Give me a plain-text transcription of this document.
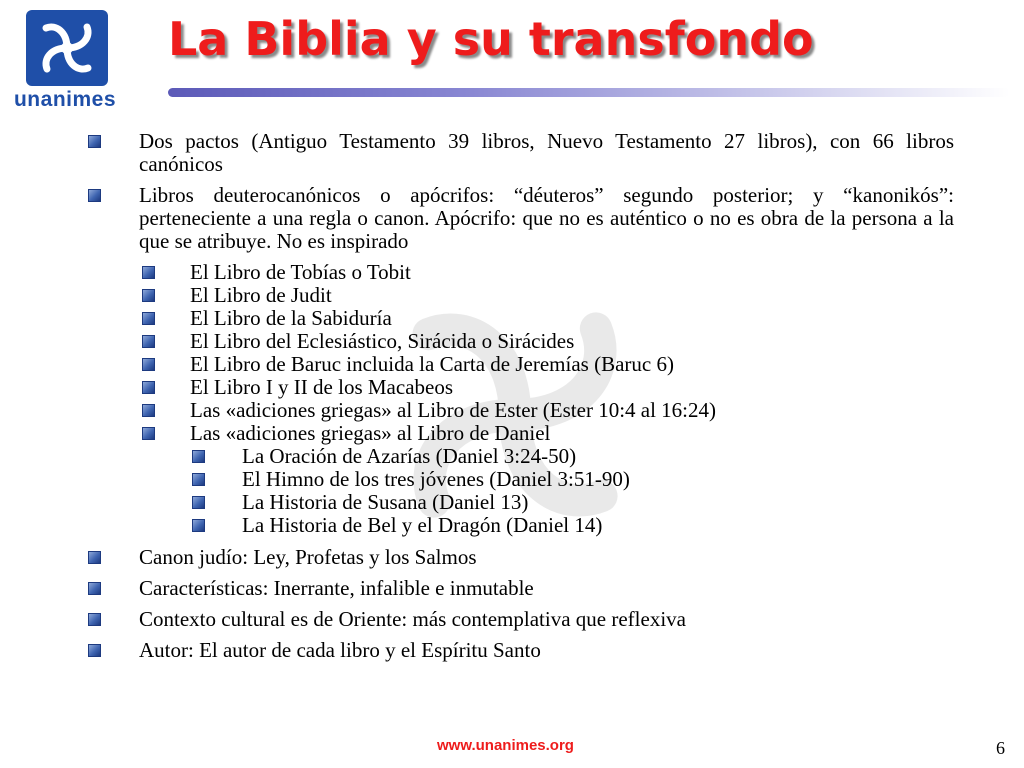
unanimes
La Biblia y su transfondo
Dos pactos (Antiguo Testamento 39 libros, Nuevo Testamento 27 libros), con 66 libros canónicos
Libros deuterocanónicos o apócrifos: “déuteros” segundo posterior; y “kanonikós”: perteneciente a una regla o canon. Apócrifo: que no es auténtico o no es obra de la persona a la que se atribuye. No es inspirado
El Libro de Tobías o Tobit
El Libro de Judit
El Libro de la Sabiduría
El Libro del Eclesiástico, Sirácida o Sirácides
El Libro de Baruc incluida la Carta de Jeremías (Baruc 6)
El Libro I y II de los Macabeos
Las «adiciones griegas» al Libro de Ester (Ester 10:4 al 16:24)
Las «adiciones griegas» al Libro de Daniel
La Oración de Azarías (Daniel 3:24-50)
El Himno de los tres jóvenes (Daniel 3:51-90)
La Historia de Susana (Daniel 13)
La Historia de Bel y el Dragón (Daniel 14)
Canon judío: Ley, Profetas y los Salmos
Características: Inerrante, infalible e inmutable
Contexto cultural es de Oriente: más contemplativa que reflexiva
Autor: El autor de cada libro y el Espíritu Santo
www.unanimes.org	6
